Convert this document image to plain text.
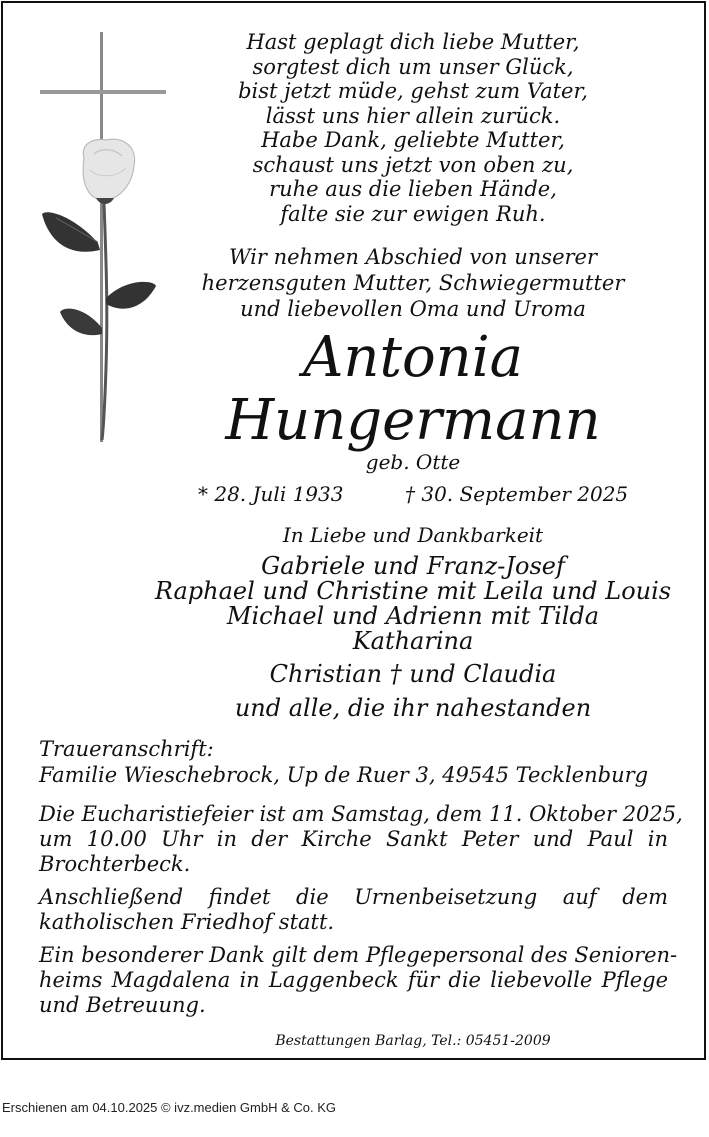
Hast geplagt dich liebe Mutter,
sorgtest dich um unser Glück,
bist jetzt müde, gehst zum Vater,
lässt uns hier allein zurück.
Habe Dank, geliebte Mutter,
schaust uns jetzt von oben zu,
ruhe aus die lieben Hände,
falte sie zur ewigen Ruh.
Wir nehmen Abschied von unserer
herzensguten Mutter, Schwiegermutter
und liebevollen Oma und Uroma
Antonia
Hungermann
geb. Otte
* 28. Juli 1933	† 30. September 2025
In Liebe und Dankbarkeit
Gabriele und Franz-Josef
Raphael und Christine mit Leila und Louis
Michael und Adrienn mit Tilda
Katharina
Christian † und Claudia
und alle, die ihr nahestanden
Traueranschrift:
Familie Wieschebrock, Up de Ruer 3, 49545 Tecklenburg
Die Eucharistiefeier ist am Samstag, dem 11. Oktober 2025,
um 10.00 Uhr in der Kirche Sankt Peter und Paul in
Brochterbeck.
Anschließend findet die Urnenbeisetzung auf dem
katholischen Friedhof statt.
Ein besonderer Dank gilt dem Pflegepersonal des Senioren-
heims Magdalena in Laggenbeck für die liebevolle Pflege
und Betreuung.
Bestattungen Barlag, Tel.: 05451-2009
Erschienen am 04.10.2025 © ivz.medien GmbH & Co. KG
